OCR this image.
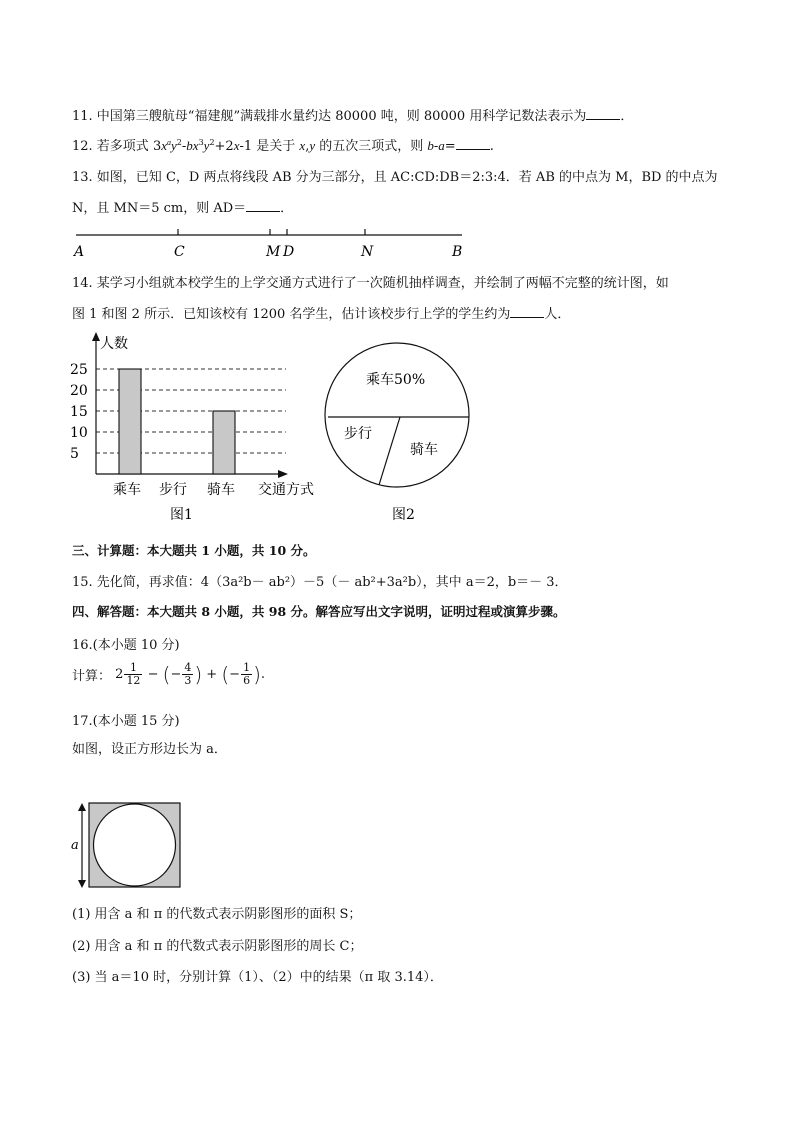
11. 中国第三艘航母“福建舰”满载排水量约达 80000 吨，则 80000 用科学记数法表示为	．
12. 若多项式 $3x^ay^2-bx^3y^2+2x-1$ 是关于 x,y 的五次三项式，则 b-a=	.
13. 如图，已知 C，D 两点将线段 AB 分为三部分，且 AC:CD:DB＝2:3:4．若 AB 的中点为 M，BD 的中点为
N，且 MN＝5 cm，则 AD＝	．
A	C	M D	N	B
14. 某学习小组就本校学生的上学交通方式进行了一次随机抽样调查，并绘制了两幅不完整的统计图，如
图 1 和图 2 所示．已知该校有 1200 名学生，估计该校步行上学的学生约为	人．
人数
5
10
15
20
25
乘车 步行 骑车 交通方式
图1
乘车50%
步行
骑车
图2
三、计算题：本大题共 1 小题，共 10 分。
15. 先化简，再求值：4（3a²b－ ab²）－5（－ ab²+3a²b），其中 a＝2，b＝－ 3．
四、解答题：本大题共 8 小题，共 98 分。解答应写出文字说明，证明过程或演算步骤。
16.(本小题 10 分)
计算： $2 \frac{1}{12}$ − (− $\frac{4}{3}$ ) + (− $\frac{1}{6}$ ).
17.(本小题 15 分)
如图，设正方形边长为 a．
a
(1) 用含 a 和 π 的代数式表示阴影图形的面积 S；
(2) 用含 a 和 π 的代数式表示阴影图形的周长 C；
(3) 当 a＝10 时，分别计算（1）、（2）中的结果（π 取 3.14）．
